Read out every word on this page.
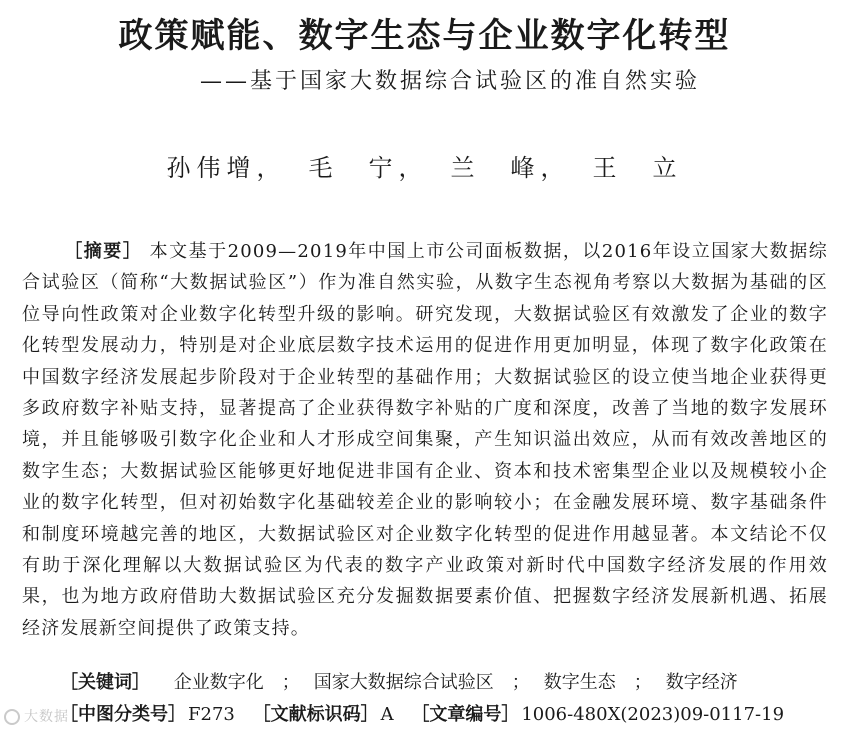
政策赋能、数字生态与企业数字化转型
——基于国家大数据综合试验区的准自然实验
孙伟增， 毛　宁， 兰　峰， 王　立
［摘要］ 本文基于2009—2019年中国上市公司面板数据，以2016年设立国家大数据综合试验区（简称“大数据试验区”）作为准自然实验，从数字生态视角考察以大数据为基础的区位导向性政策对企业数字化转型升级的影响。研究发现，大数据试验区有效激发了企业的数字化转型发展动力，特别是对企业底层数字技术运用的促进作用更加明显，体现了数字化政策在中国数字经济发展起步阶段对于企业转型的基础作用；大数据试验区的设立使当地企业获得更多政府数字补贴支持，显著提高了企业获得数字补贴的广度和深度，改善了当地的数字发展环境，并且能够吸引数字化企业和人才形成空间集聚，产生知识溢出效应，从而有效改善地区的数字生态；大数据试验区能够更好地促进非国有企业、资本和技术密集型企业以及规模较小企业的数字化转型，但对初始数字化基础较差企业的影响较小；在金融发展环境、数字基础条件和制度环境越完善的地区，大数据试验区对企业数字化转型的促进作用越显著。本文结论不仅有助于深化理解以大数据试验区为代表的数字产业政策对新时代中国数字经济发展的作用效果，也为地方政府借助大数据试验区充分发掘数据要素价值、把握数字经济发展新机遇、拓展经济发展新空间提供了政策支持。
［关键词］ 企业数字化	； 国家大数据综合试验区	； 数字生态	； 数字经济
［中图分类号］ F273 ［文献标识码］ A ［文章编号］ 1006-480X(2023)09-0117-19
大数据
